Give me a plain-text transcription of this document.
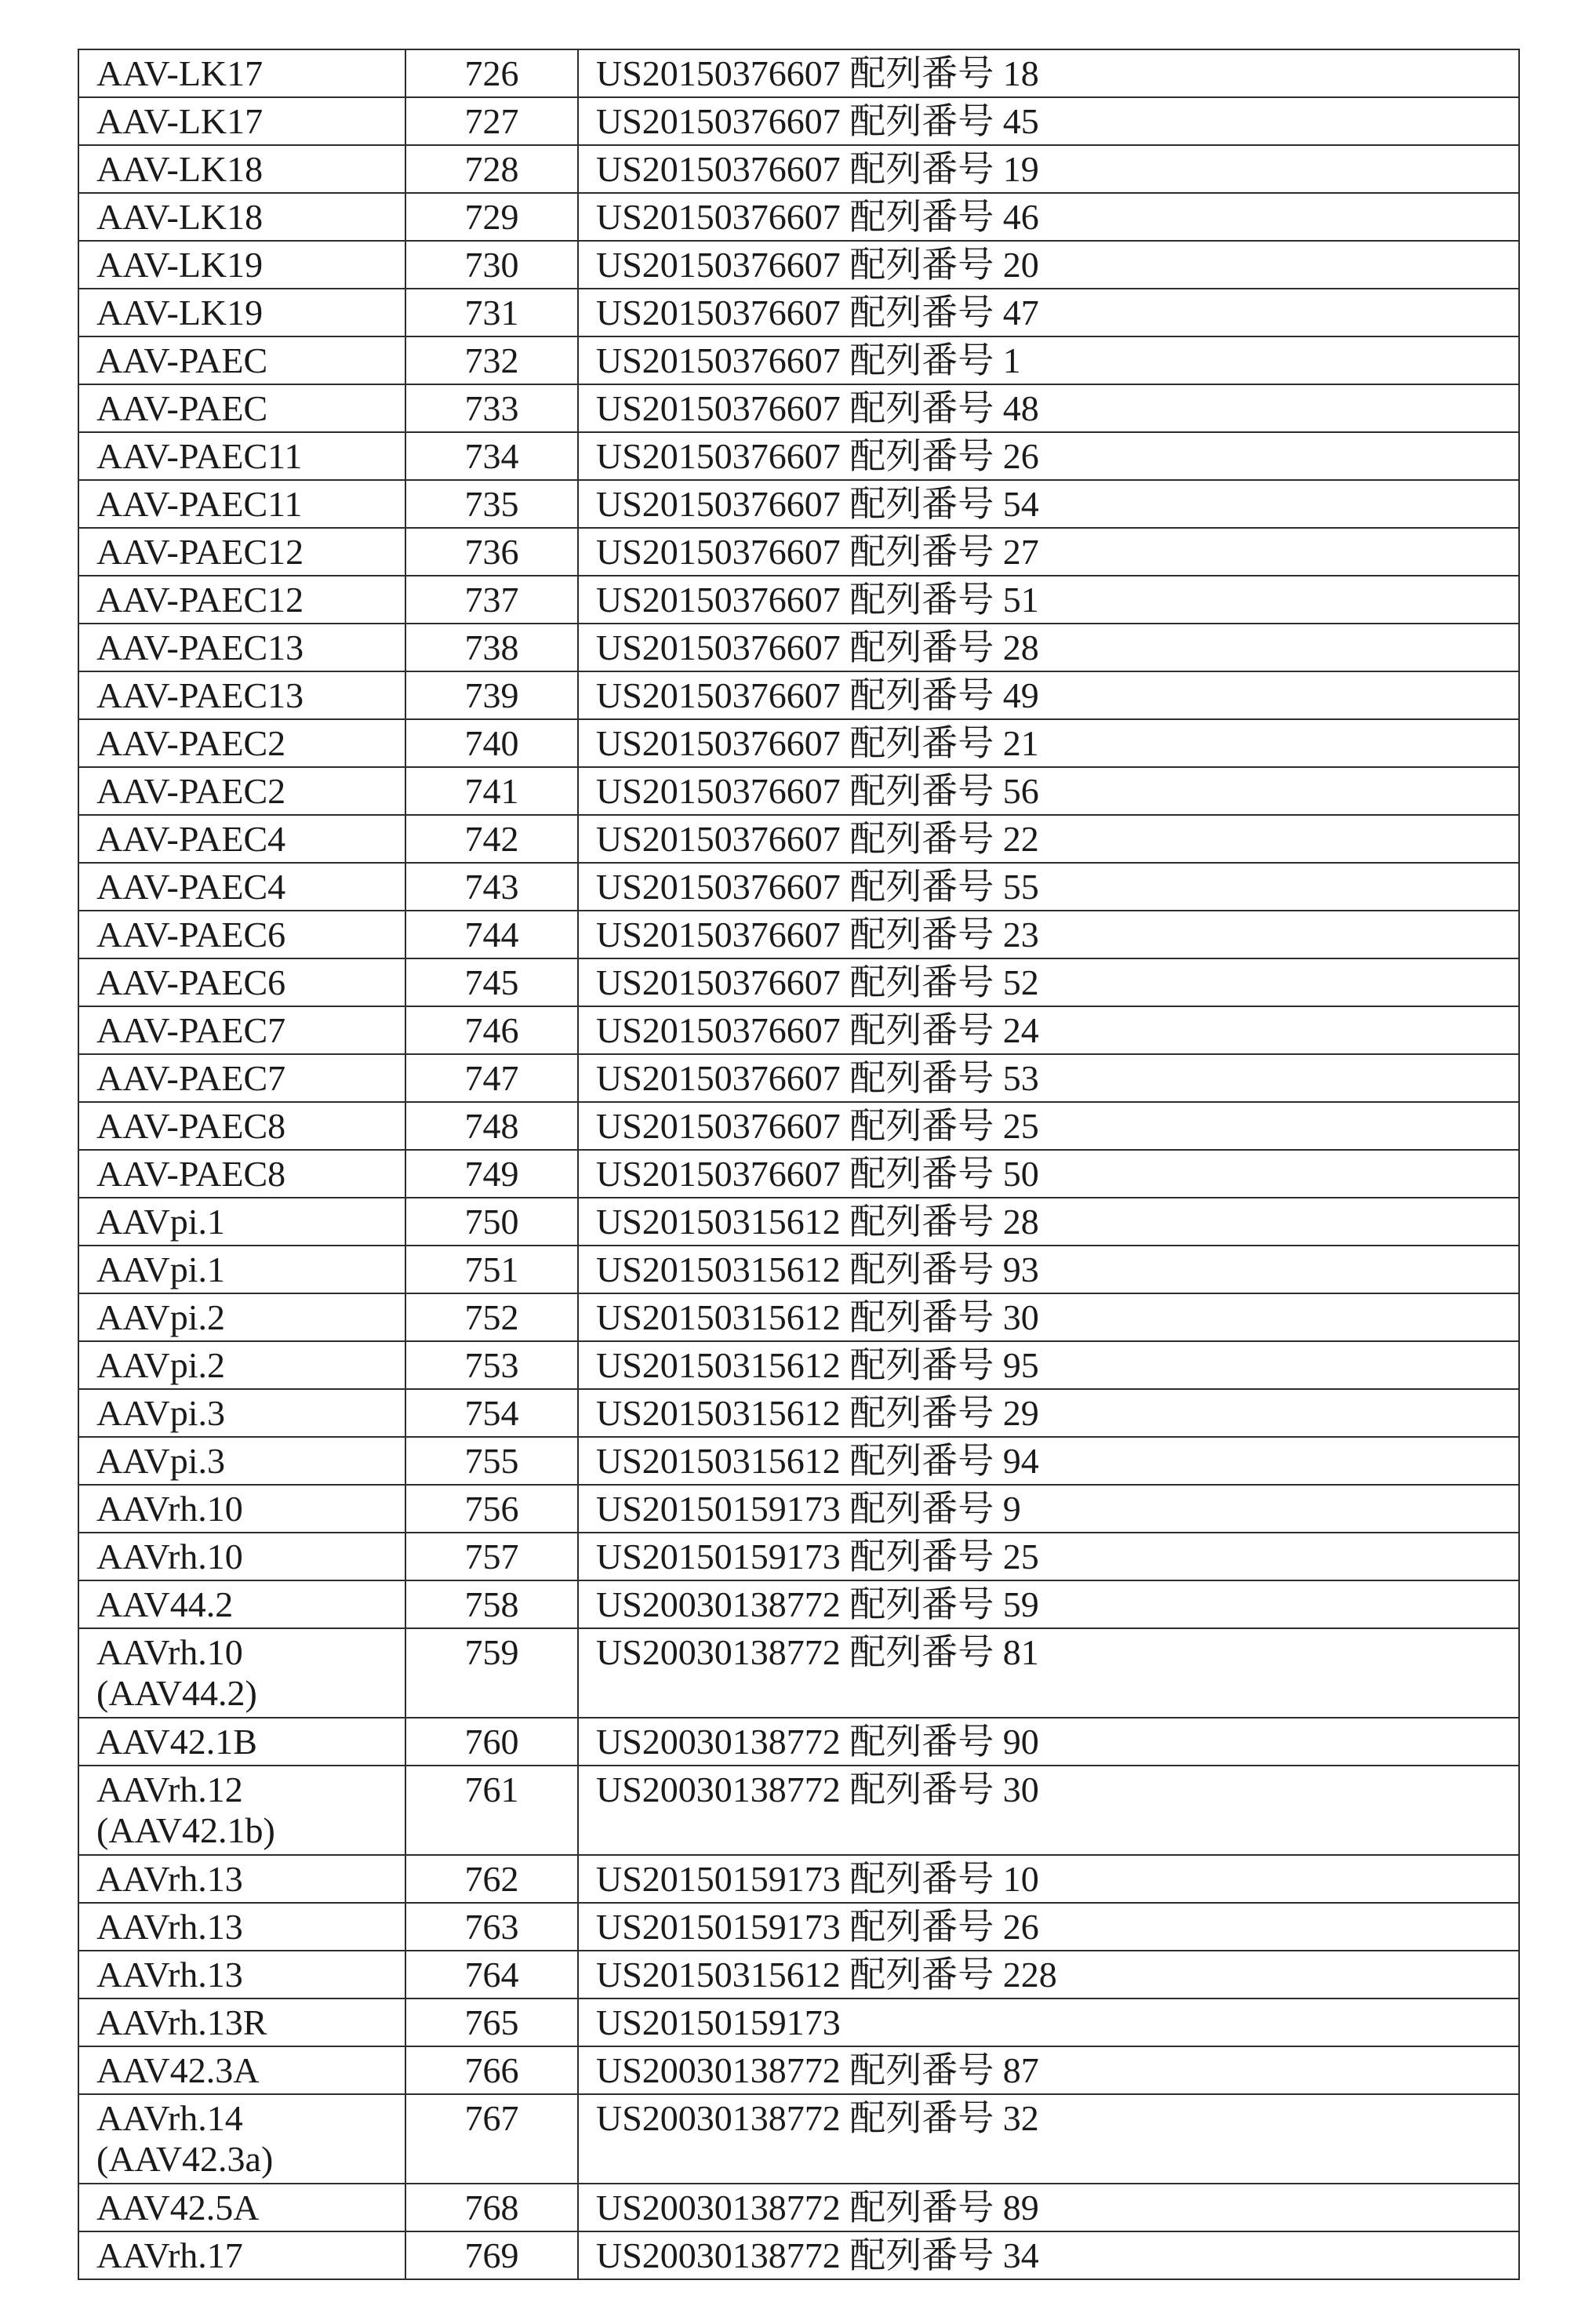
AAV-LK17	726	US20150376607 配列番号 18
AAV-LK17	727	US20150376607 配列番号 45
AAV-LK18	728	US20150376607 配列番号 19
AAV-LK18	729	US20150376607 配列番号 46
AAV-LK19	730	US20150376607 配列番号 20
AAV-LK19	731	US20150376607 配列番号 47
AAV-PAEC	732	US20150376607 配列番号 1
AAV-PAEC	733	US20150376607 配列番号 48
AAV-PAEC11	734	US20150376607 配列番号 26
AAV-PAEC11	735	US20150376607 配列番号 54
AAV-PAEC12	736	US20150376607 配列番号 27
AAV-PAEC12	737	US20150376607 配列番号 51
AAV-PAEC13	738	US20150376607 配列番号 28
AAV-PAEC13	739	US20150376607 配列番号 49
AAV-PAEC2	740	US20150376607 配列番号 21
AAV-PAEC2	741	US20150376607 配列番号 56
AAV-PAEC4	742	US20150376607 配列番号 22
AAV-PAEC4	743	US20150376607 配列番号 55
AAV-PAEC6	744	US20150376607 配列番号 23
AAV-PAEC6	745	US20150376607 配列番号 52
AAV-PAEC7	746	US20150376607 配列番号 24
AAV-PAEC7	747	US20150376607 配列番号 53
AAV-PAEC8	748	US20150376607 配列番号 25
AAV-PAEC8	749	US20150376607 配列番号 50
AAVpi.1	750	US20150315612 配列番号 28
AAVpi.1	751	US20150315612 配列番号 93
AAVpi.2	752	US20150315612 配列番号 30
AAVpi.2	753	US20150315612 配列番号 95
AAVpi.3	754	US20150315612 配列番号 29
AAVpi.3	755	US20150315612 配列番号 94
AAVrh.10	756	US20150159173 配列番号 9
AAVrh.10	757	US20150159173 配列番号 25
AAV44.2	758	US20030138772 配列番号 59
AAVrh.10
(AAV44.2)	759	US20030138772 配列番号 81
AAV42.1B	760	US20030138772 配列番号 90
AAVrh.12
(AAV42.1b)	761	US20030138772 配列番号 30
AAVrh.13	762	US20150159173 配列番号 10
AAVrh.13	763	US20150159173 配列番号 26
AAVrh.13	764	US20150315612 配列番号 228
AAVrh.13R	765	US20150159173
AAV42.3A	766	US20030138772 配列番号 87
AAVrh.14
(AAV42.3a)	767	US20030138772 配列番号 32
AAV42.5A	768	US20030138772 配列番号 89
AAVrh.17	769	US20030138772 配列番号 34
